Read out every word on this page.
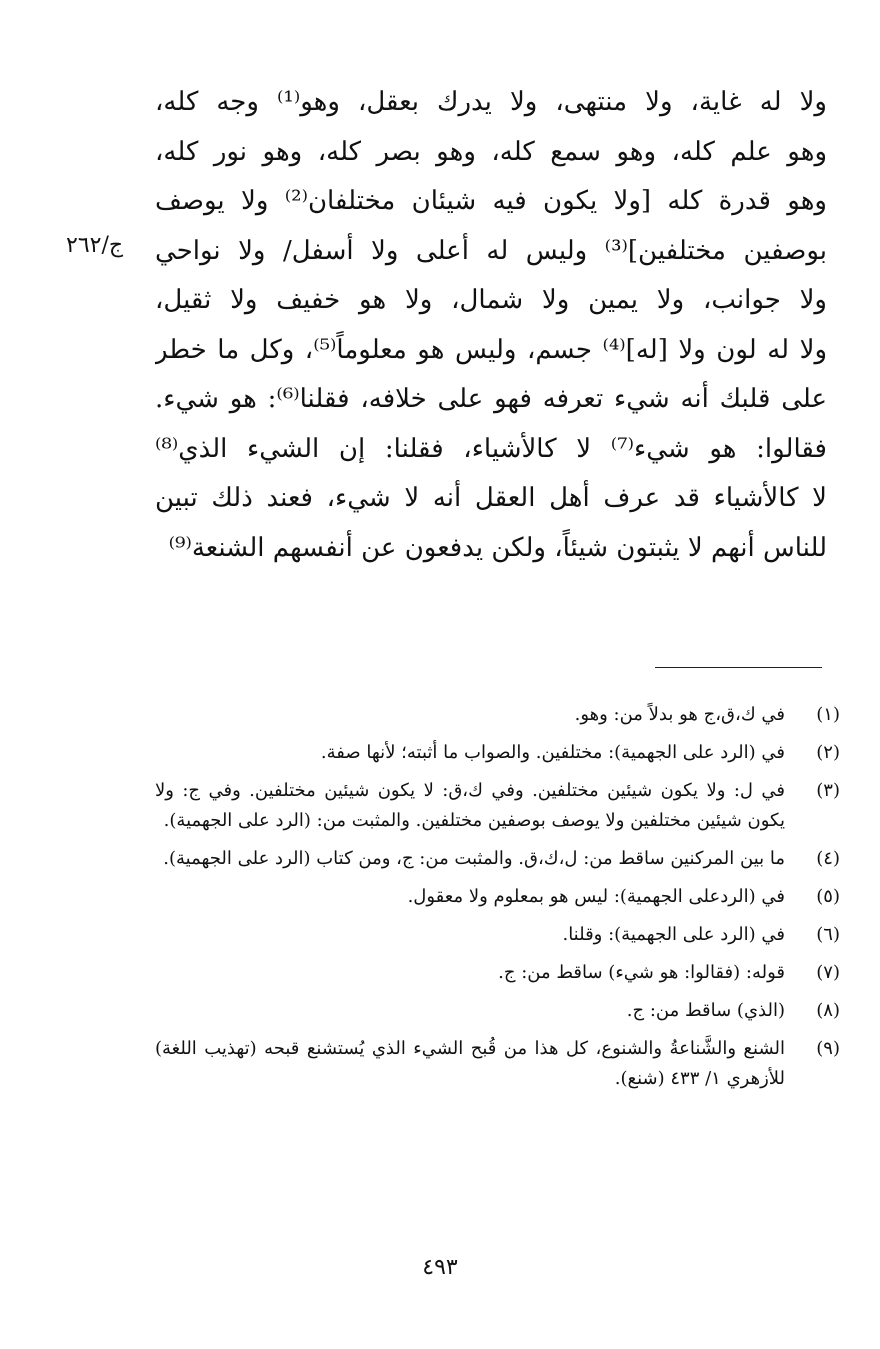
ولا له غاية، ولا منتهى، ولا يدرك بعقل، وهو⁽¹⁾ وجه كله،
وهو علم كله، وهو سمع كله، وهو بصر كله، وهو نور كله،
وهو قدرة كله [ولا يكون فيه شيئان مختلفان⁽²⁾ ولا يوصف
بوصفين مختلفين]⁽³⁾ وليس له أعلى ولا أسفل/ ولا نواحي
ولا جوانب، ولا يمين ولا شمال، ولا هو خفيف ولا ثقيل،
ولا له لون ولا [له]⁽⁴⁾ جسم، وليس هو معلوماً⁽⁵⁾، وكل ما خطر
على قلبك أنه شيء تعرفه فهو على خلافه، فقلنا⁽⁶⁾: هو شيء.
فقالوا: هو شيء⁽⁷⁾ لا كالأشياء، فقلنا: إن الشيء الذي⁽⁸⁾
لا كالأشياء قد عرف أهل العقل أنه لا شيء، فعند ذلك تبين
للناس أنهم لا يثبتون شيئاً، ولكن يدفعون عن أنفسهم الشنعة⁽⁹⁾
ج/٢٦٢
(١)
في ك،ق،ج هو بدلاً من: وهو.
(٢)
في (الرد على الجهمية): مختلفين. والصواب ما أثبته؛ لأنها صفة.
(٣)
في ل: ولا يكون شيئين مختلفين. وفي ك،ق: لا يكون شيئين مختلفين. وفي ج: ولا يكون شيئين مختلفين ولا يوصف بوصفين مختلفين. والمثبت من: (الرد على الجهمية).
(٤)
ما بين المركنين ساقط من: ل،ك،ق. والمثبت من: ج، ومن كتاب (الرد على الجهمية).
(٥)
في (الردعلى الجهمية): ليس هو بمعلوم ولا معقول.
(٦)
في (الرد على الجهمية): وقلنا.
(٧)
قوله: (فقالوا: هو شيء) ساقط من: ج.
(٨)
(الذي) ساقط من: ج.
(٩)
الشنع والشَّناعةُ والشنوع، كل هذا من قُبح الشيء الذي يُستشنع قبحه (تهذيب اللغة) للأزهري ١/ ٤٣٣ (شنع).
٤٩٣
